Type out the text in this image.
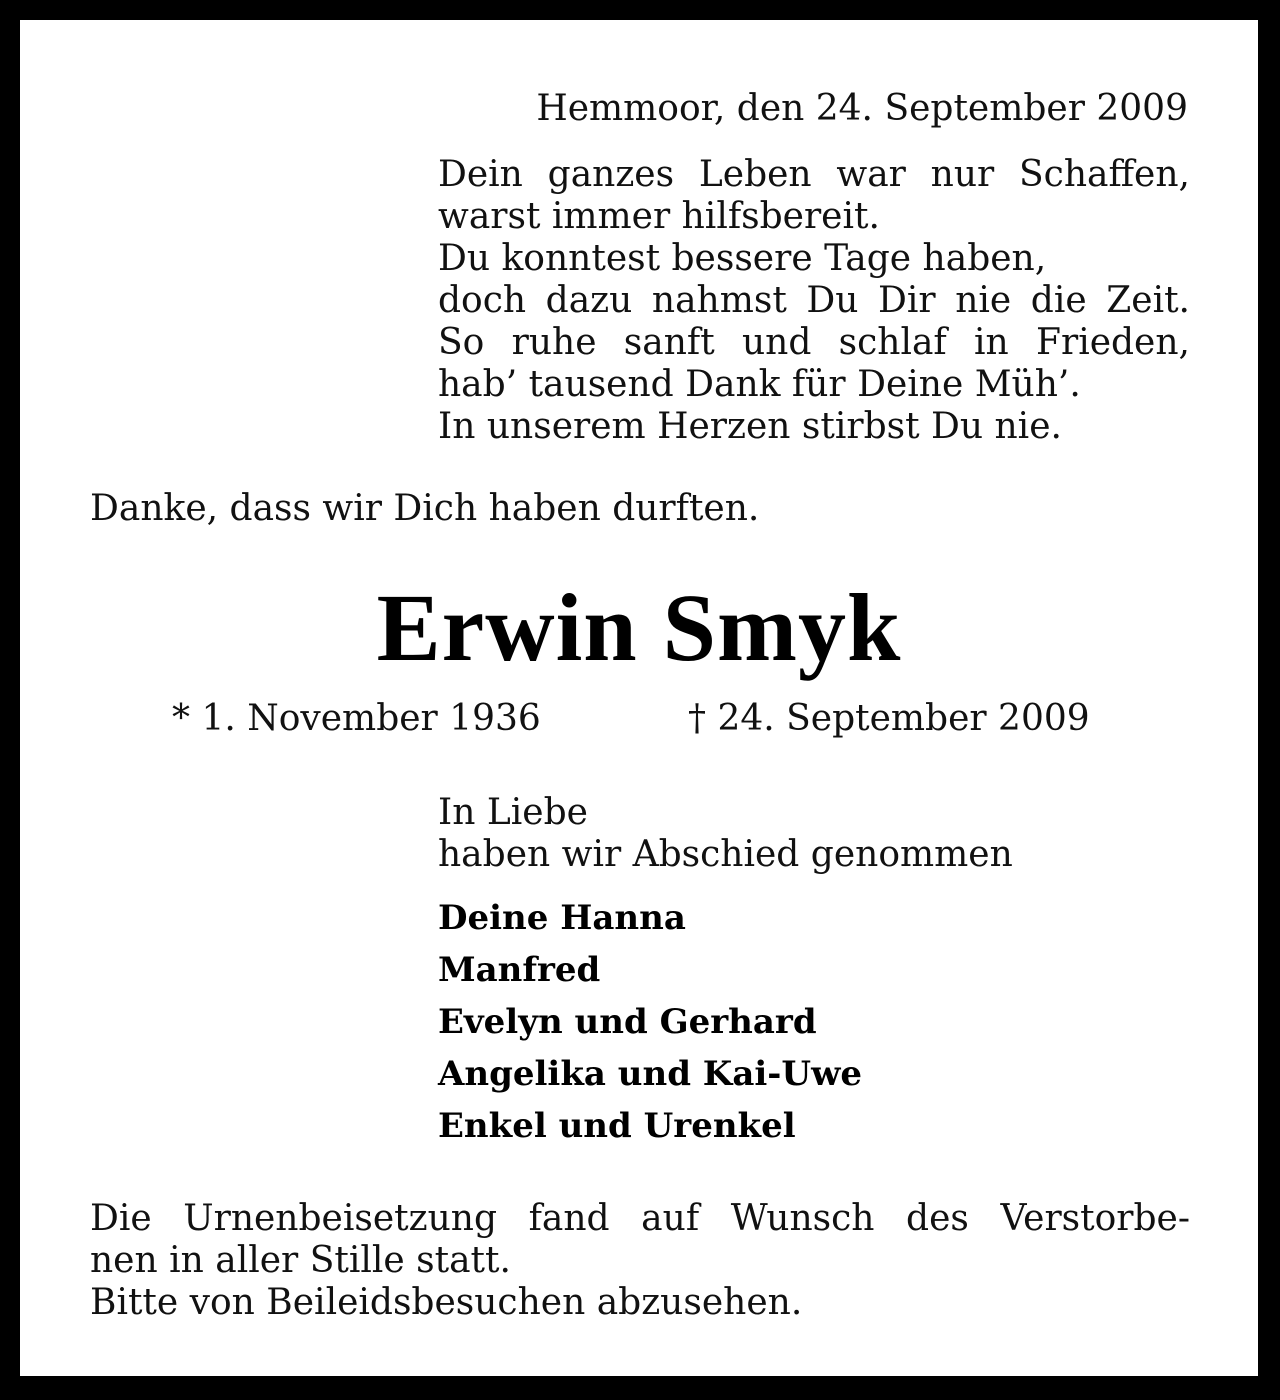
Hemmoor, den 24. September 2009
Dein ganzes Leben war nur Schaffen,
warst immer hilfsbereit.
Du konntest bessere Tage haben,
doch dazu nahmst Du Dir nie die Zeit.
So ruhe sanft und schlaf in Frieden,
hab’ tausend Dank für Deine Müh’.
In unserem Herzen stirbst Du nie.
Danke, dass wir Dich haben durften.
Erwin Smyk
* 1. November 1936	† 24. September 2009
In Liebe
haben wir Abschied genommen
Deine Hanna
Manfred
Evelyn und Gerhard
Angelika und Kai-Uwe
Enkel und Urenkel
Die Urnenbeisetzung fand auf Wunsch des Verstorbe-
nen in aller Stille statt.
Bitte von Beileidsbesuchen abzusehen.
